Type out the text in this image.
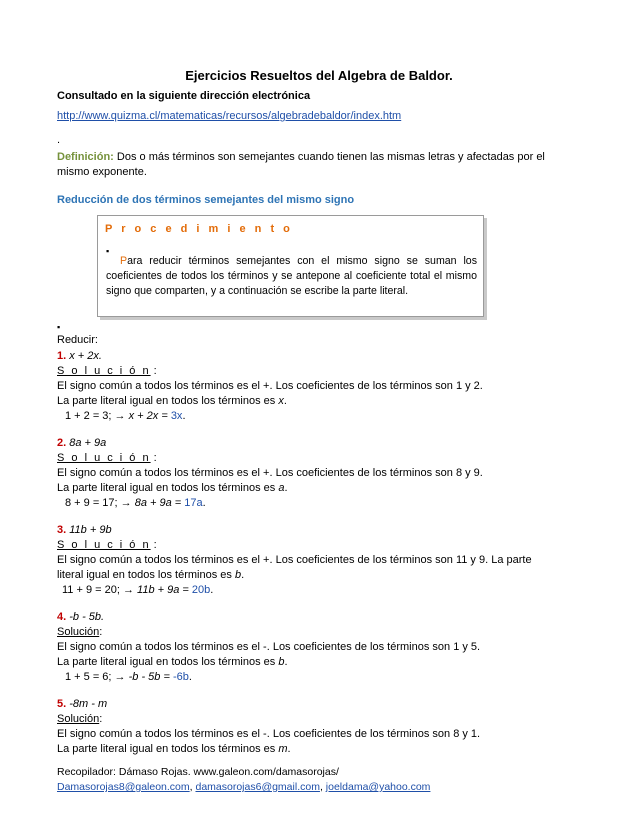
Ejercicios Resueltos del Algebra de Baldor.
Consultado en la siguiente dirección electrónica
http://www.quizma.cl/matematicas/recursos/algebradebaldor/index.htm
.
Definición: Dos o más términos son semejantes cuando tienen las mismas letras y afectadas por el
mismo exponente.
Reducción de dos términos semejantes del mismo signo
P r o c e d i m i e n t o
▪
Para reducir términos semejantes con el mismo signo se suman los coeficientes de todos los términos y se antepone al coeficiente total el mismo signo que comparten, y a continuación se escribe la parte literal.
▪
Reducir:
1. x + 2x.
S o l u c i ó n :
El signo común a todos los términos es el +. Los coeficientes de los términos son 1 y 2.
La parte literal igual en todos los términos es x.
1 + 2 = 3; → x + 2x = 3x.
2. 8a + 9a
S o l u c i ó n :
El signo común a todos los términos es el +. Los coeficientes de los términos son 8 y 9.
La parte literal igual en todos los términos es a.
8 + 9 = 17; → 8a + 9a = 17a.
3. 11b + 9b
S o l u c i ó n :
El signo común a todos los términos es el +. Los coeficientes de los términos son 11 y 9. La parte
literal igual en todos los términos es b.
11 + 9 = 20; → 11b + 9a = 20b.
4. -b - 5b.
Solución:
El signo común a todos los términos es el -. Los coeficientes de los términos son 1 y 5.
La parte literal igual en todos los términos es b.
1 + 5 = 6; → -b - 5b = -6b.
5. -8m - m
Solución:
El signo común a todos los términos es el -. Los coeficientes de los términos son 8 y 1.
La parte literal igual en todos los términos es m.
Recopilador: Dámaso Rojas. www.galeon.com/damasorojas/
Damasorojas8@galeon.com, damasorojas6@gmail.com, joeldama@yahoo.com
